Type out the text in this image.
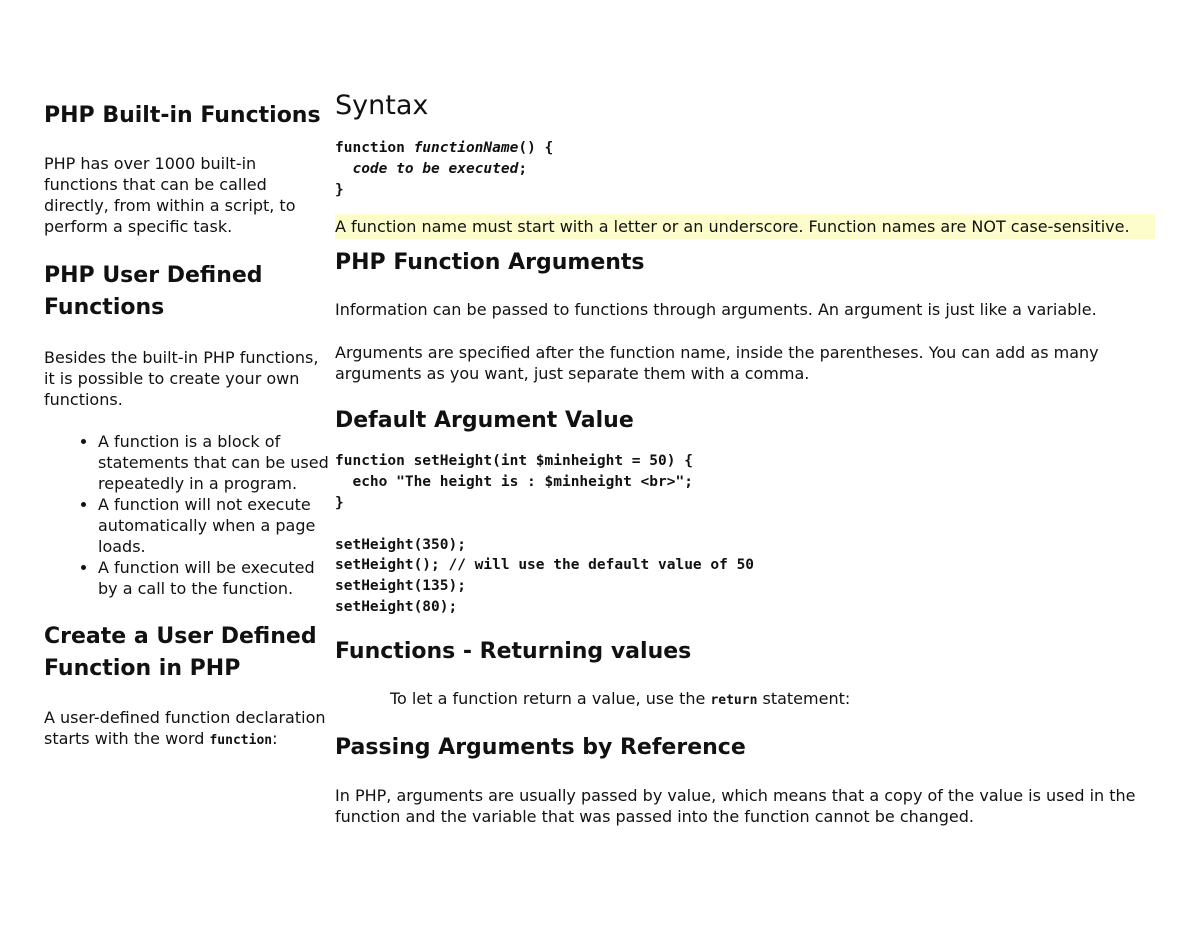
PHP Built-in Functions

PHP has over 1000 built-in functions that can be called directly, from within a script, to perform a specific task.

PHP User Defined Functions

Besides the built-in PHP functions, it is possible to create your own functions.

• A function is a block of statements that can be used repeatedly in a program.
• A function will not execute automatically when a page loads.
• A function will be executed by a call to the function.
Create a User Defined Function in PHP

A user-defined function declaration starts with the word function:

Syntax
function functionName() {
code to be executed;
}
A function name must start with a letter or an underscore. Function names are NOT case-sensitive.
PHP Function Arguments

Information can be passed to functions through arguments. An argument is just like a variable.

Arguments are specified after the function name, inside the parentheses. You can add as many arguments as you want, just separate them with a comma.

Default Argument Value
function setHeight(int $minheight = 50) {
echo "The height is : $minheight <br>";
}

setHeight(350);
setHeight(); // will use the default value of 50
setHeight(135);
setHeight(80);
Functions - Returning values

To let a function return a value, use the return statement:

Passing Arguments by Reference

In PHP, arguments are usually passed by value, which means that a copy of the value is used in the function and the variable that was passed into the function cannot be changed.
